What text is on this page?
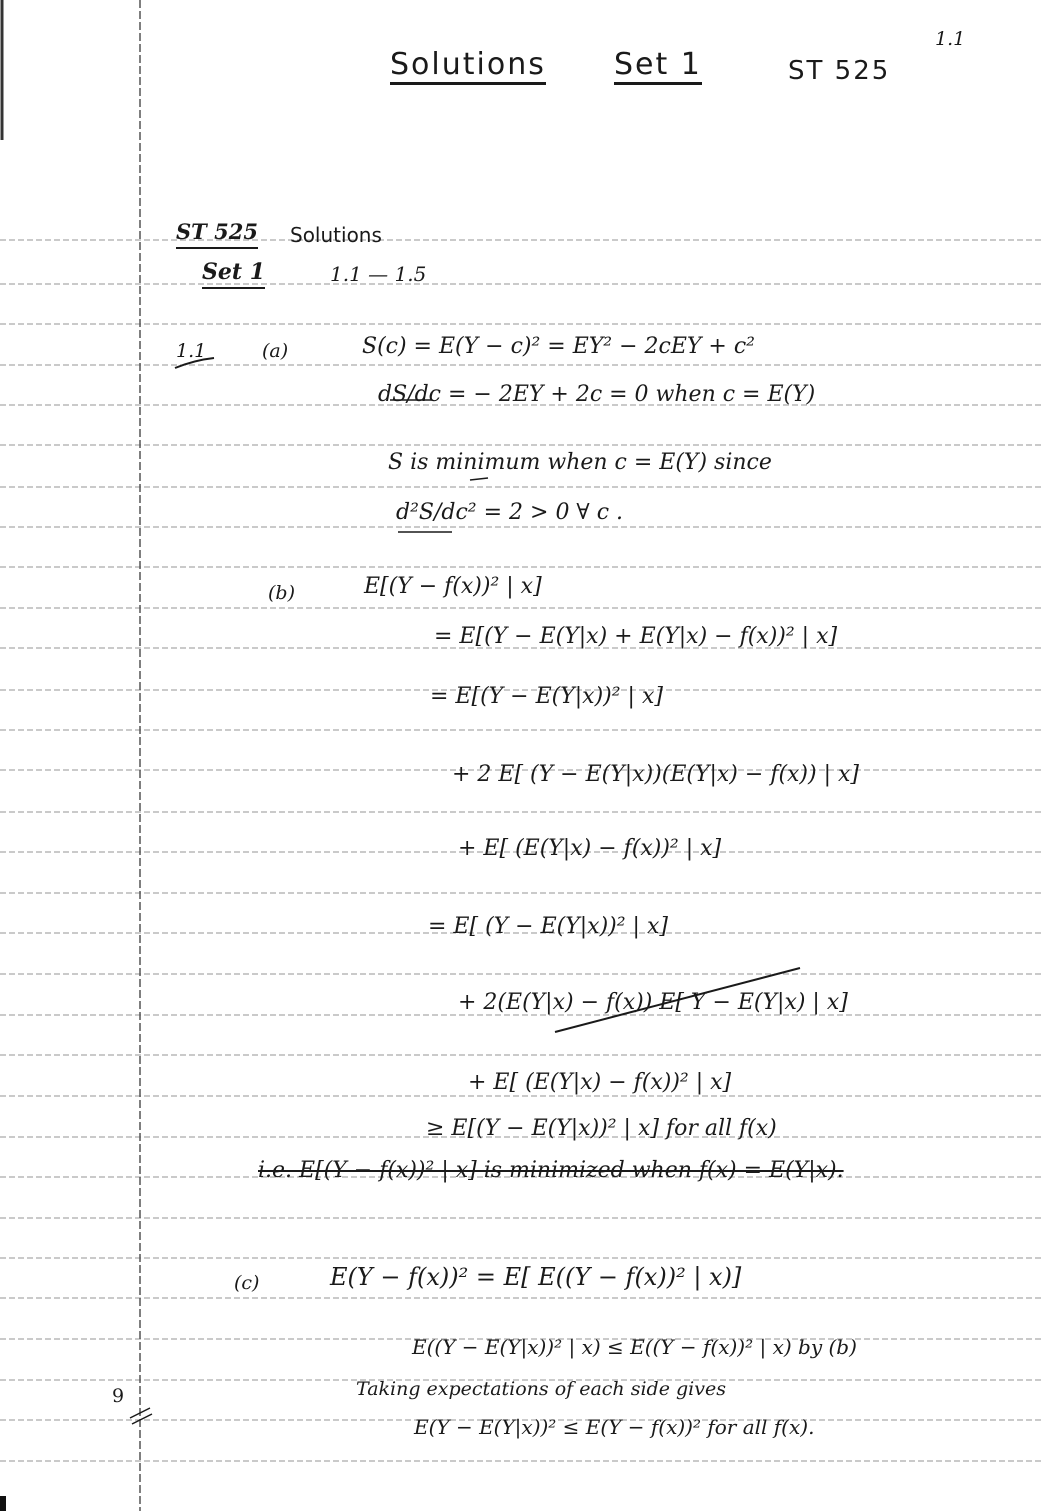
1.1
Solutions Set 1	ST 525
ST 525 Solutions
Set 1	1.1 — 1.5
1.1	(a)	S(c) = E(Y − c)² = EY² − 2cEY + c²
dS/dc = − 2EY + 2c = 0 when c = E(Y)
S is minimum when c = E(Y) since
d²S/dc² = 2 > 0 ∀ c .
(b)	E[(Y − f(x))² | x]
= E[(Y − E(Y|x) + E(Y|x) − f(x))² | x]
= E[(Y − E(Y|x))² | x]
+ 2 E[ (Y − E(Y|x))(E(Y|x) − f(x)) | x]
+ E[ (E(Y|x) − f(x))² | x]
= E[ (Y − E(Y|x))² | x]
+ 2(E(Y|x) − f(x)) E[ Y − E(Y|x) | x]
+ E[ (E(Y|x) − f(x))² | x]
≥ E[(Y − E(Y|x))² | x] for all f(x)
i.e. E[(Y − f(x))² | x] is minimized when f(x) = E(Y|x).
(c)	E(Y − f(x))² = E[ E((Y − f(x))² | x)]
E((Y − E(Y|x))² | x) ≤ E((Y − f(x))² | x) by (b)
Taking expectations of each side gives
E(Y − E(Y|x))² ≤ E(Y − f(x))² for all f(x).
9
